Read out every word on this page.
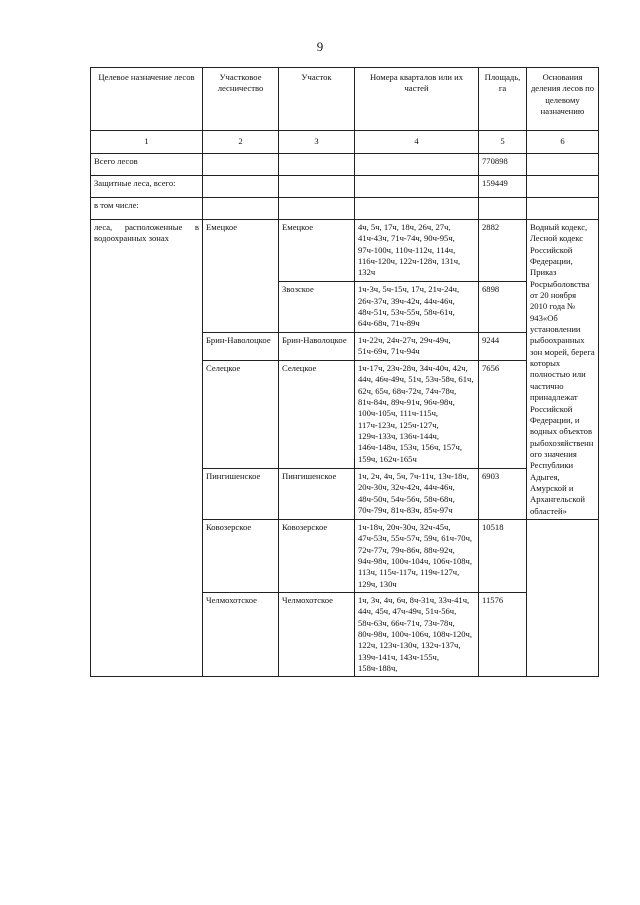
9
Целевое назначение лесов	Участковое лесничество	Участок	Номера кварталов или их частей	Площадь, га	Основания деления лесов по целевому назначению
1	2	3	4	5	6
Всего лесов				770898	
Защитные леса, всего:				159449	
в том числе:					
леса, расположенные в водоохранных зонах	Емецкое	Емецкое	4ч, 5ч, 17ч, 18ч, 26ч, 27ч, 41ч-43ч, 71ч-74ч, 90ч-95ч, 97ч-100ч, 110ч-112ч, 114ч, 116ч-120ч, 122ч-128ч, 131ч, 132ч	2882	Водный кодекс, Лесной кодекс Российской Федерации, Приказ Росрыболовства от 20 ноября 2010 года № 943«Об установлении рыбоохранных зон морей, берега которых полностью или частично принадлежат Российской Федерации, и водных объектов рыбохозяйственного значения Республики Адыгея, Амурской и Архангельской областей»
		Звозское	1ч-3ч, 5ч-15ч, 17ч, 21ч-24ч, 26ч-37ч, 39ч-42ч, 44ч-46ч, 48ч-51ч, 53ч-55ч, 58ч-61ч, 64ч-68ч, 71ч-89ч	6898	
	Брин-Наволоцкое	Брин-Наволоцкое	1ч-22ч, 24ч-27ч, 29ч-49ч, 51ч-69ч, 71ч-94ч	9244	
	Селецкое	Селецкое	1ч-17ч, 23ч-28ч, 34ч-40ч, 42ч, 44ч, 46ч-49ч, 51ч, 53ч-58ч, 61ч, 62ч, 65ч, 68ч-72ч, 74ч-78ч, 81ч-84ч, 89ч-91ч, 96ч-98ч, 100ч-105ч, 111ч-115ч, 117ч-123ч, 125ч-127ч, 129ч-133ч, 136ч-144ч, 146ч-148ч, 153ч, 156ч, 157ч, 159ч, 162ч-165ч	7656	
	Пингишенское	Пингишенское	1ч, 2ч, 4ч, 5ч, 7ч-11ч, 13ч-18ч, 20ч-30ч, 32ч-42ч, 44ч-46ч, 48ч-50ч, 54ч-56ч, 58ч-68ч, 70ч-79ч, 81ч-83ч, 85ч-97ч	6903	
	Ковозерское	Ковозерское	1ч-18ч, 20ч-30ч, 32ч-45ч, 47ч-53ч, 55ч-57ч, 59ч, 61ч-70ч, 72ч-77ч, 79ч-86ч, 88ч-92ч, 94ч-98ч, 100ч-104ч, 106ч-108ч, 113ч, 115ч-117ч, 119ч-127ч, 129ч, 130ч	10518	
	Челмохотское	Челмохотское	1ч, 3ч, 4ч, 6ч, 8ч-31ч, 33ч-41ч, 44ч, 45ч, 47ч-49ч, 51ч-56ч, 58ч-63ч, 66ч-71ч, 73ч-78ч, 80ч-98ч, 100ч-106ч, 108ч-120ч, 122ч, 123ч-130ч, 132ч-137ч, 139ч-141ч, 143ч-155ч, 158ч-188ч,	11576	
